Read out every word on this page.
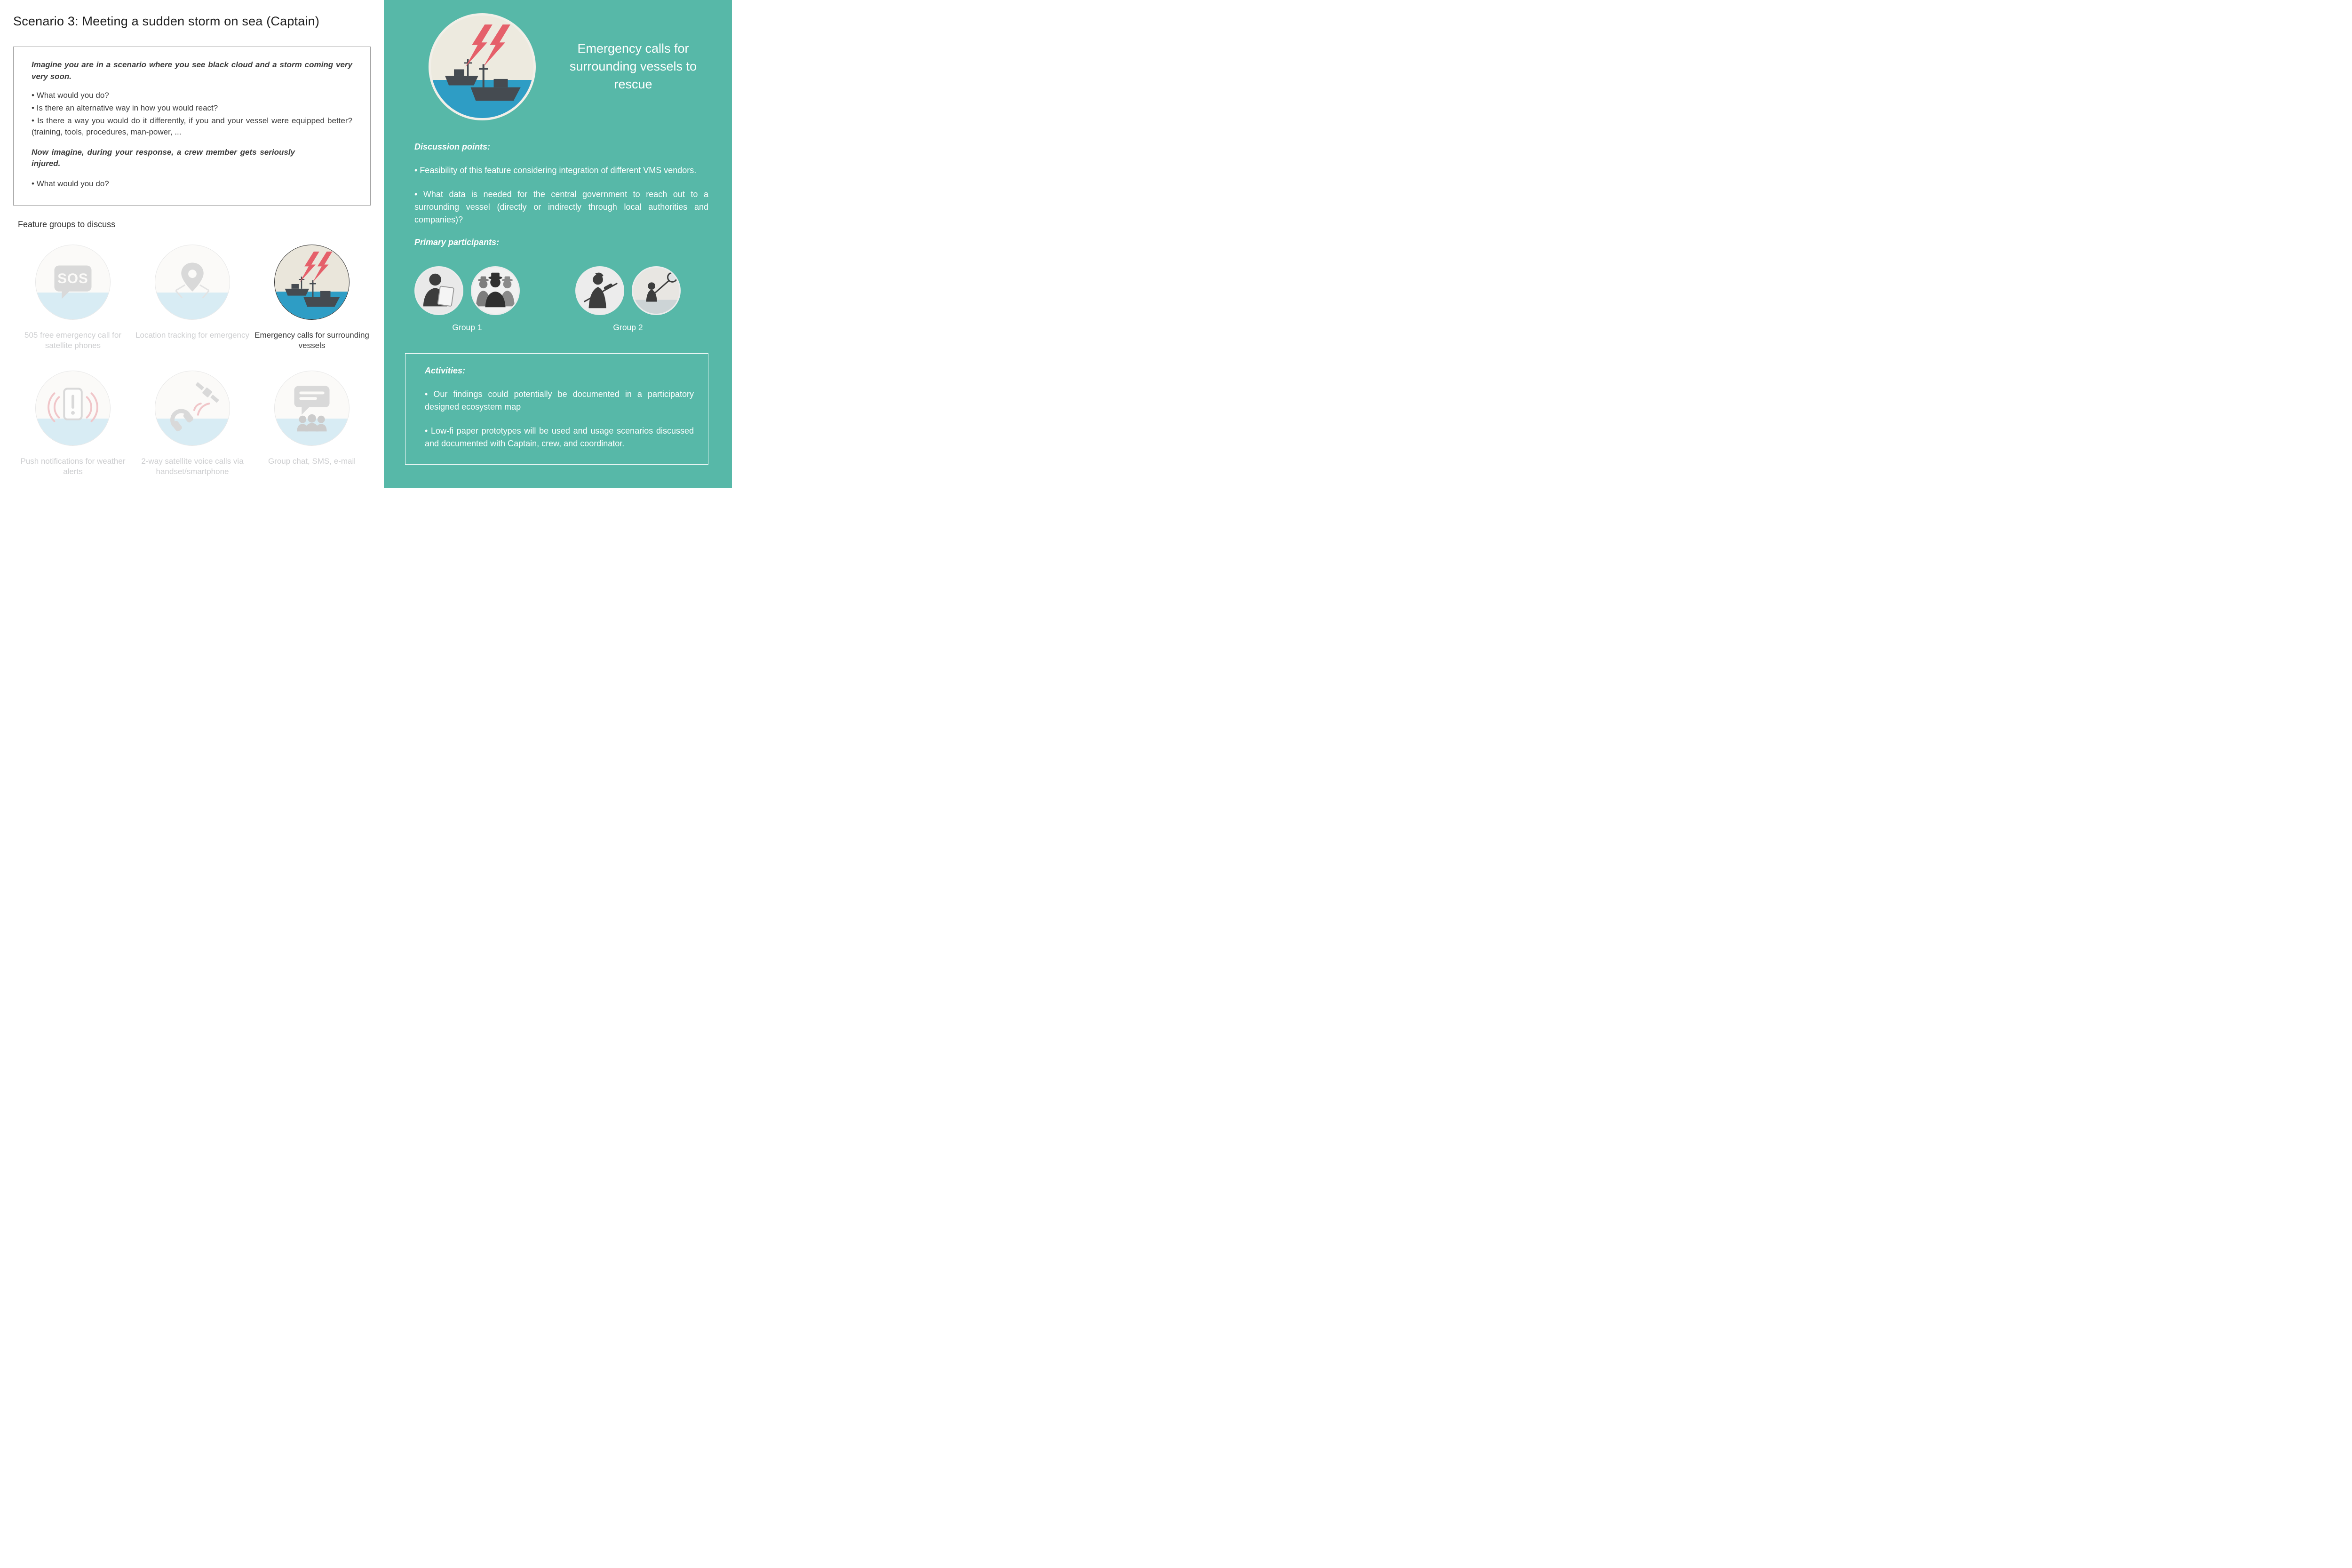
Scenario 3: Meeting a sudden storm on sea (Captain)

Imagine you are in a scenario where you see black cloud and a storm coming very very soon.

• What would you do?

• Is there an alternative way in how you would react?

• Is there a way you would do it differently, if you and your vessel were equipped better? (training, tools, procedures, man-power, ...

Now imagine, during your response, a crew member gets seriously injured.

• What would you do?

Feature groups to discuss
SOS
505 free emergency call for satellite phones
Location tracking for emergency Emergency calls for surrounding vessels
Push notifications for weather alerts
2-way satellite voice calls via handset/smartphone
Group chat, SMS, e-mail
Emergency calls for surrounding vessels to rescue
Discussion points:

• Feasibility of this feature considering integration of different VMS vendors.

• What data is needed for the central government to reach out to a surrounding vessel (directly or indirectly through local authorities and companies)?

Primary participants:
Group 1	Group 2
Activities:

• Our findings could potentially be documented in a participatory designed ecosystem map

• Low-fi paper prototypes will be used and usage scenarios discussed and documented with Captain, crew, and coordinator.
